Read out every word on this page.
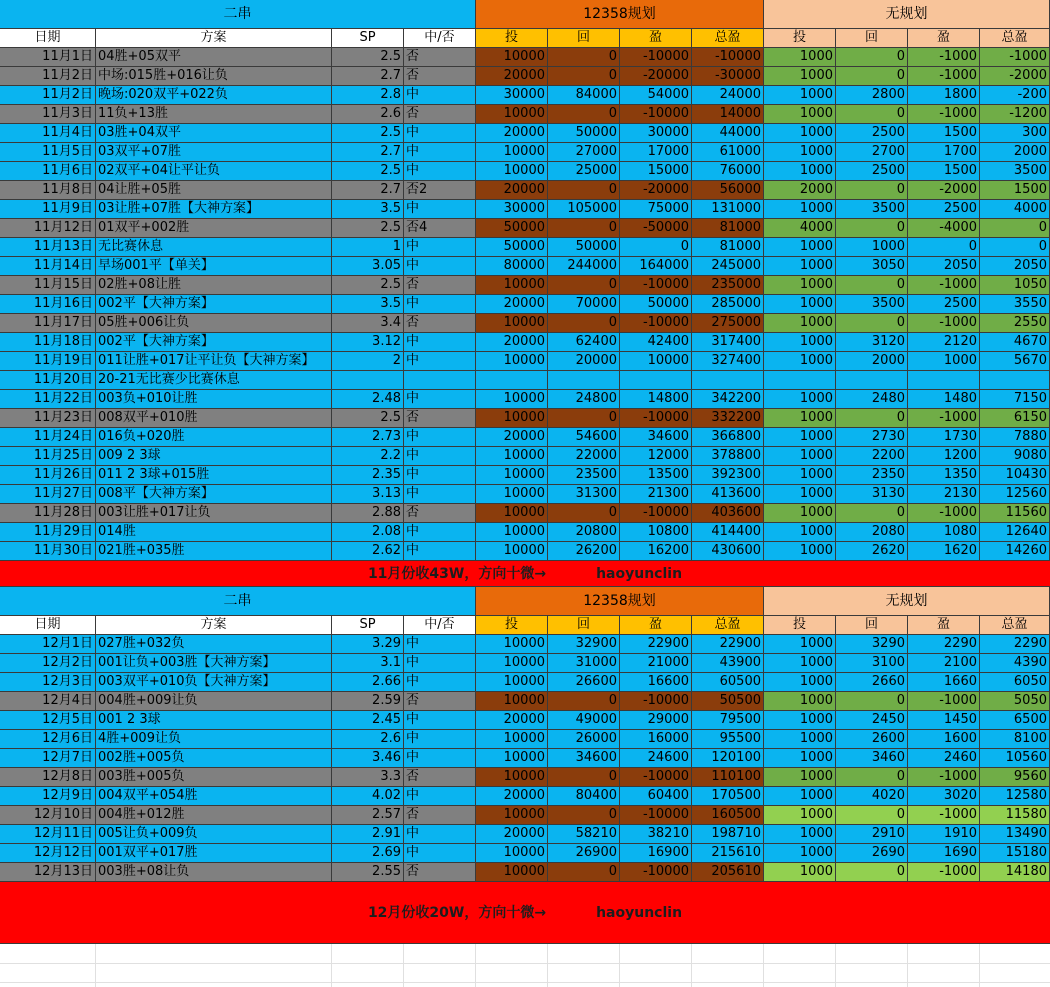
二串	12358规划	无规划
日期	方案	SP	中/否	投	回	盈	总盈	投	回	盈	总盈
11月1日 04胜+05双平	2.5 否	10000	0	-10000	-10000	1000	0	-1000	-1000
11月2日 中场:015胜+016让负	2.7 否	20000	0	-20000	-30000	1000	0	-1000	-2000
11月2日 晚场:020双平+022负	2.8 中	30000	84000	54000	24000	1000	2800	1800	-200
11月3日 11负+13胜	2.6 否	10000	0	-10000	14000	1000	0	-1000	-1200
11月4日 03胜+04双平	2.5 中	20000	50000	30000	44000	1000	2500	1500	300
11月5日 03双平+07胜	2.7 中	10000	27000	17000	61000	1000	2700	1700	2000
11月6日 02双平+04让平让负	2.5 中	10000	25000	15000	76000	1000	2500	1500	3500
11月8日 04让胜+05胜	2.7 否2	20000	0	-20000	56000	2000	0	-2000	1500
11月9日 03让胜+07胜【大神方案】	3.5 中	30000	105000	75000	131000	1000	3500	2500	4000
11月12日 01双平+002胜	2.5 否4	50000	0	-50000	81000	4000	0	-4000	0
11月13日 无比赛休息	1 中	50000	50000	0	81000	1000	1000	0	0
11月14日 早场001平【单关】	3.05 中	80000	244000	164000	245000	1000	3050	2050	2050
11月15日 02胜+08让胜	2.5 否	10000	0	-10000	235000	1000	0	-1000	1050
11月16日 002平【大神方案】	3.5 中	20000	70000	50000	285000	1000	3500	2500	3550
11月17日 05胜+006让负	3.4 否	10000	0	-10000	275000	1000	0	-1000	2550
11月18日 002平【大神方案】	3.12 中	20000	62400	42400	317400	1000	3120	2120	4670
11月19日 011让胜+017让平让负【大神方案】	2 中	10000	20000	10000	327400	1000	2000	1000	5670
11月20日 20-21无比赛少比赛休息
11月22日 003负+010让胜	2.48 中	10000	24800	14800	342200	1000	2480	1480	7150
11月23日 008双平+010胜	2.5 否	10000	0	-10000	332200	1000	0	-1000	6150
11月24日 016负+020胜	2.73 中	20000	54600	34600	366800	1000	2730	1730	7880
11月25日 009 2 3球	2.2 中	10000	22000	12000	378800	1000	2200	1200	9080
11月26日 011 2 3球+015胜	2.35 中	10000	23500	13500	392300	1000	2350	1350	10430
11月27日 008平【大神方案】	3.13 中	10000	31300	21300	413600	1000	3130	2130	12560
11月28日 003让胜+017让负	2.88 否	10000	0	-10000	403600	1000	0	-1000	11560
11月29日 014胜	2.08 中	10000	20800	10800	414400	1000	2080	1080	12640
11月30日 021胜+035胜	2.62 中	10000	26200	16200	430600	1000	2620	1620	14260
11月份收43W，方向十微→	haoyunclin
二串	12358规划	无规划
日期	方案	SP	中/否	投	回	盈	总盈	投	回	盈	总盈
12月1日 027胜+032负	3.29 中	10000	32900	22900	22900	1000	3290	2290	2290
12月2日 001让负+003胜【大神方案】	3.1 中	10000	31000	21000	43900	1000	3100	2100	4390
12月3日 003双平+010负【大神方案】	2.66 中	10000	26600	16600	60500	1000	2660	1660	6050
12月4日 004胜+009让负	2.59 否	10000	0	-10000	50500	1000	0	-1000	5050
12月5日 001 2 3球	2.45 中	20000	49000	29000	79500	1000	2450	1450	6500
12月6日 4胜+009让负	2.6 中	10000	26000	16000	95500	1000	2600	1600	8100
12月7日 002胜+005负	3.46 中	10000	34600	24600	120100	1000	3460	2460	10560
12月8日 003胜+005负	3.3 否	10000	0	-10000	110100	1000	0	-1000	9560
12月9日 004双平+054胜	4.02 中	20000	80400	60400	170500	1000	4020	3020	12580
12月10日 004胜+012胜	2.57 否	10000	0	-10000	160500	1000	0	-1000	11580
12月11日 005让负+009负	2.91 中	20000	58210	38210	198710	1000	2910	1910	13490
12月12日 001双平+017胜	2.69 中	10000	26900	16900	215610	1000	2690	1690	15180
12月13日 003胜+08让负	2.55 否	10000	0	-10000	205610	1000	0	-1000	14180
12月份收20W，方向十微→	haoyunclin
